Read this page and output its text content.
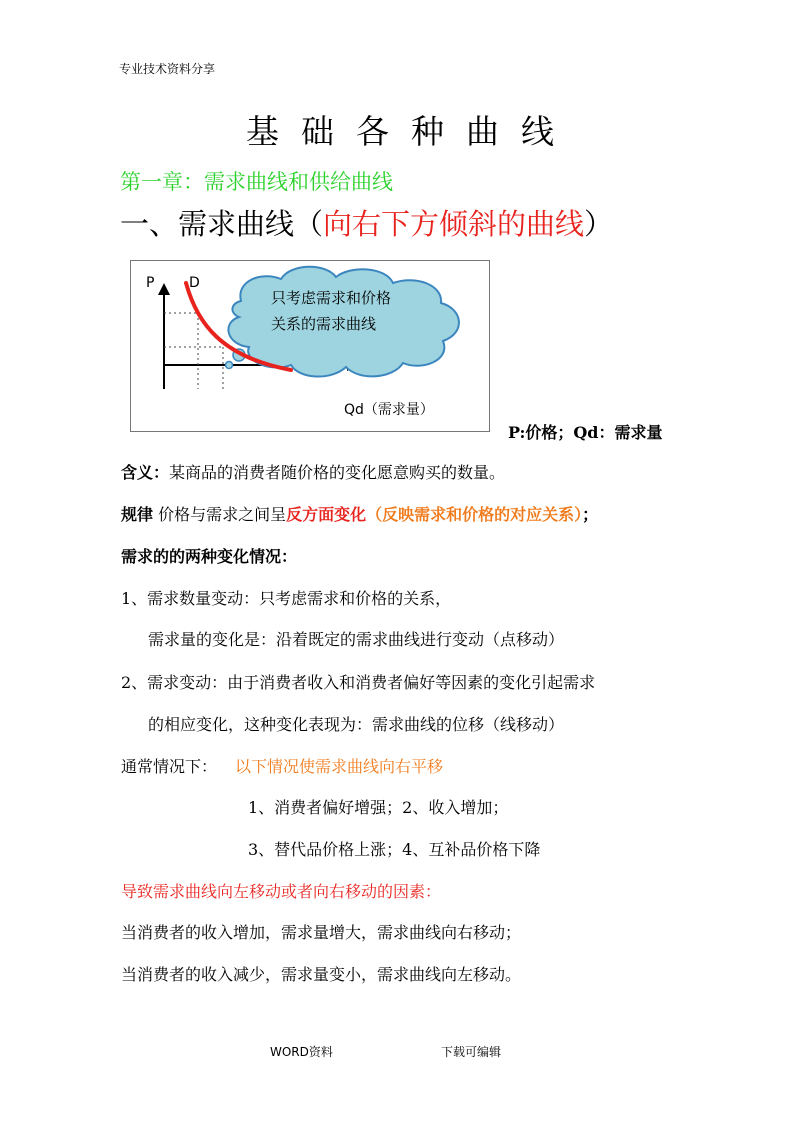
专业技术资料分享
基础各种曲线
第一章：需求曲线和供给曲线
一、需求曲线（向右下方倾斜的曲线）
P D
只考虑需求和价格
关系的需求曲线
Qd（需求量）
P:价格；Qd：需求量
含义：某商品的消费者随价格的变化愿意购买的数量。
规律 价格与需求之间呈反方面变化（反映需求和价格的对应关系）；
需求的的两种变化情况：
1、需求数量变动：只考虑需求和价格的关系，
需求量的变化是：沿着既定的需求曲线进行变动（点移动）
2、需求变动：由于消费者收入和消费者偏好等因素的变化引起需求
的相应变化，这种变化表现为：需求曲线的位移（线移动）
通常情况下： 以下情况使需求曲线向右平移
1、消费者偏好增强；2、收入增加；
3、替代品价格上涨；4、互补品价格下降
导致需求曲线向左移动或者向右移动的因素：
当消费者的收入增加，需求量增大，需求曲线向右移动；
当消费者的收入减少，需求量变小，需求曲线向左移动。
WORD资料	下载可编辑
